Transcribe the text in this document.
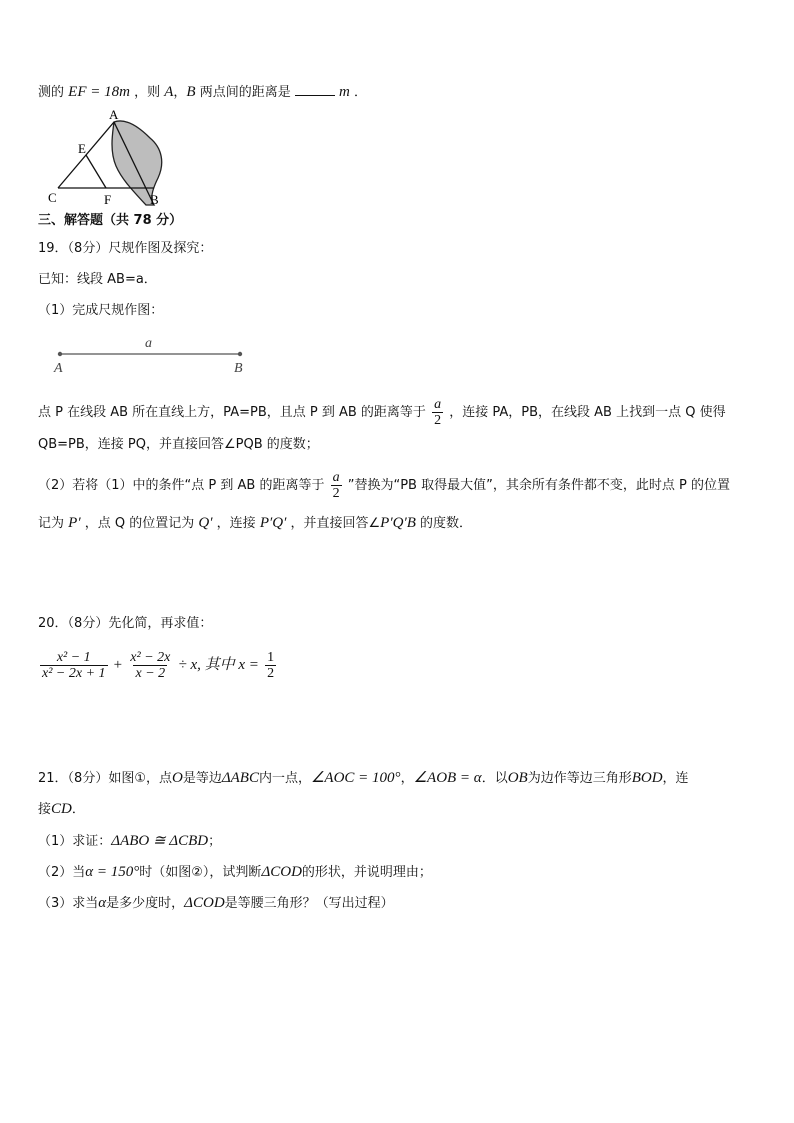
测的 EF = 18m ，则 A，B 两点间的距离是	m ．
A
E
C	F	B
三、解答题（共 78 分）
19．（8分）尺规作图及探究：
已知：线段 AB=a．
（1）完成尺规作图：
a
A	B
点 P 在线段 AB 所在直线上方，PA=PB，且点 P 到 AB 的距离等于 $\frac{a}{2}$ ，连接 PA，PB，在线段 AB 上找到一点 Q 使得
QB=PB，连接 PQ，并直接回答∠PQB 的度数；
（2）若将（1）中的条件“点 P 到 AB 的距离等于 $\frac{a}{2}$ ”替换为“PB 取得最大值”，其余所有条件都不变，此时点 P 的位置
记为 P′ ，点 Q 的位置记为 Q′ ，连接 P′Q′ ，并直接回答∠P′Q′B 的度数．
20．（8分）先化简，再求值：
$\frac{\text{x² − 1}}{\text{x² − 2x + 1}} + \frac{\text{x² − 2x}}{x - 2} \div x$, 其中 $x = \frac{1}{2}$
21．（8分）如图①，点O是等边ΔABC内一点，∠AOC = 100°，∠AOB = α．以OB为边作等边三角形BOD，连
接CD．
（1）求证：ΔABO ≅ ΔCBD；
（2）当α = 150°时（如图②），试判断ΔCOD的形状，并说明理由；
（3）求当α是多少度时，ΔCOD是等腰三角形？（写出过程）
